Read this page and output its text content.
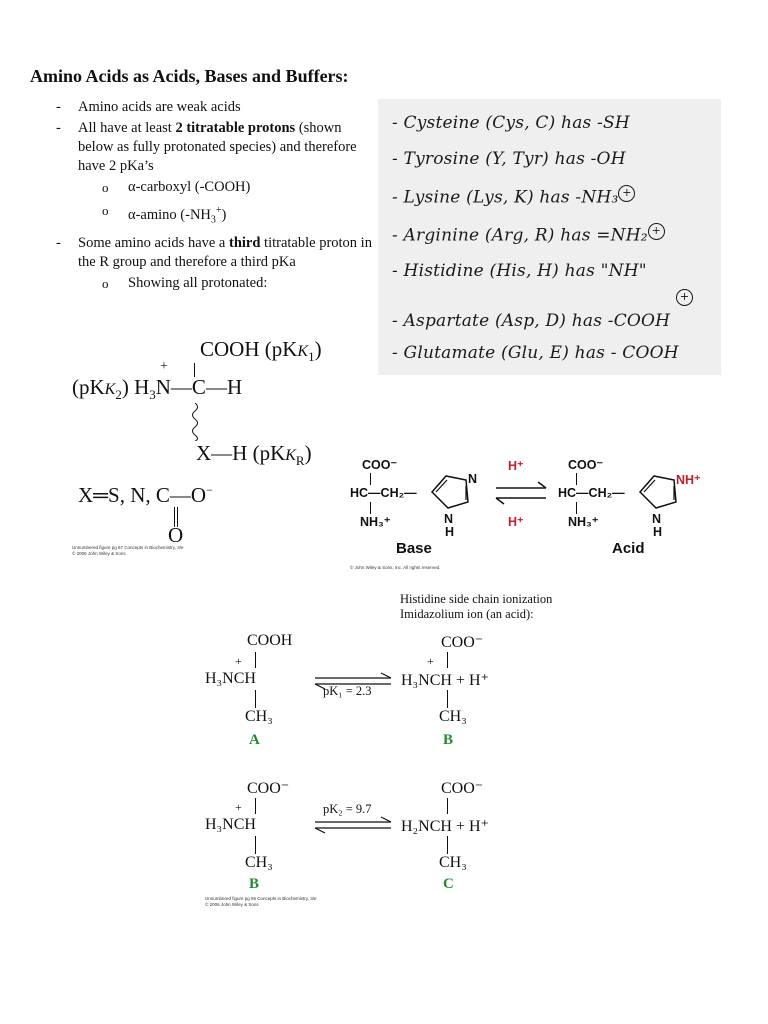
Amino Acids as Acids, Bases and Buffers:
- Amino acids are weak acids
- All have at least 2 titratable protons (shown below as fully protonated species) and therefore have 2 pKa’s
o α-carboxyl (-COOH)
o α-amino $(-NH_3^+)$
- Some amino acids have a third titratable proton in the R group and therefore a third pKa
o Showing all protonated:
- Cysteine (Cys, C) has -SH
- Tyrosine (Y, Tyr) has -OH
- Lysine (Lys, K) has -NH₃ +
- Arginine (Arg, R) has =NH₂ +
- Histidine (His, H) has "NH"
+
- Aspartate (Asp, D) has -COOH
- Glutamate (Glu, E) has - COOH
COOH (pKK$_1$)
+
(pKK$_2$) $H_3N—C—H$
X—H (pKK$_R$)
X═S, N, C—O−
O
Unnumbered figure pg 67 Concepts in Biochemistry, 3/e
© 2006 John Wiley & Sons
COO⁻
HC—CH₂—
NH₃⁺
N
N
H
H⁺
H⁺
COO⁻
HC—CH₂—
NH₃⁺
NH⁺
N
H
Base	Acid
© John Wiley & Sons, Inc. All rights reserved.
Histidine side chain ionization
Imidazolium ion (an acid):
COOH
+
H₃NCH
CH₃
A
pK₁ = 2.3
COO⁻
+
H₃NCH + H⁺
CH₃
B
COO⁻
+
H₃NCH
CH₃
B
pK₂ = 9.7
COO⁻
H₂NCH + H⁺
CH₃
C
Unnumbered figure pg 66 Concepts in Biochemistry, 3/e
© 2006 John Wiley & Sons
